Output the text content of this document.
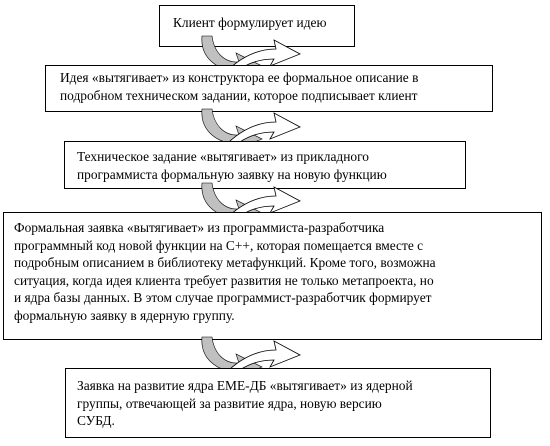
Клиент формулирует идею
Идея «вытягивает» из конструктора ее формальное описание в
подробном техническом задании, которое подписывает клиент
Техническое задание «вытягивает» из прикладного
программиста формальную заявку на новую функцию
Формальная заявка «вытягивает» из программиста-разработчика
программный код новой функции на С++, которая помещается вместе с
подробным описанием в библиотеку метафункций. Кроме того, возможна
ситуация, когда идея клиента требует развития не только метапроекта, но
и ядра базы данных. В этом случае программист-разработчик формирует
формальную заявку в ядерную группу.
Заявка на развитие ядра ЕМЕ-ДБ «вытягивает» из ядерной
группы, отвечающей за развитие ядра, новую версию
СУБД.
